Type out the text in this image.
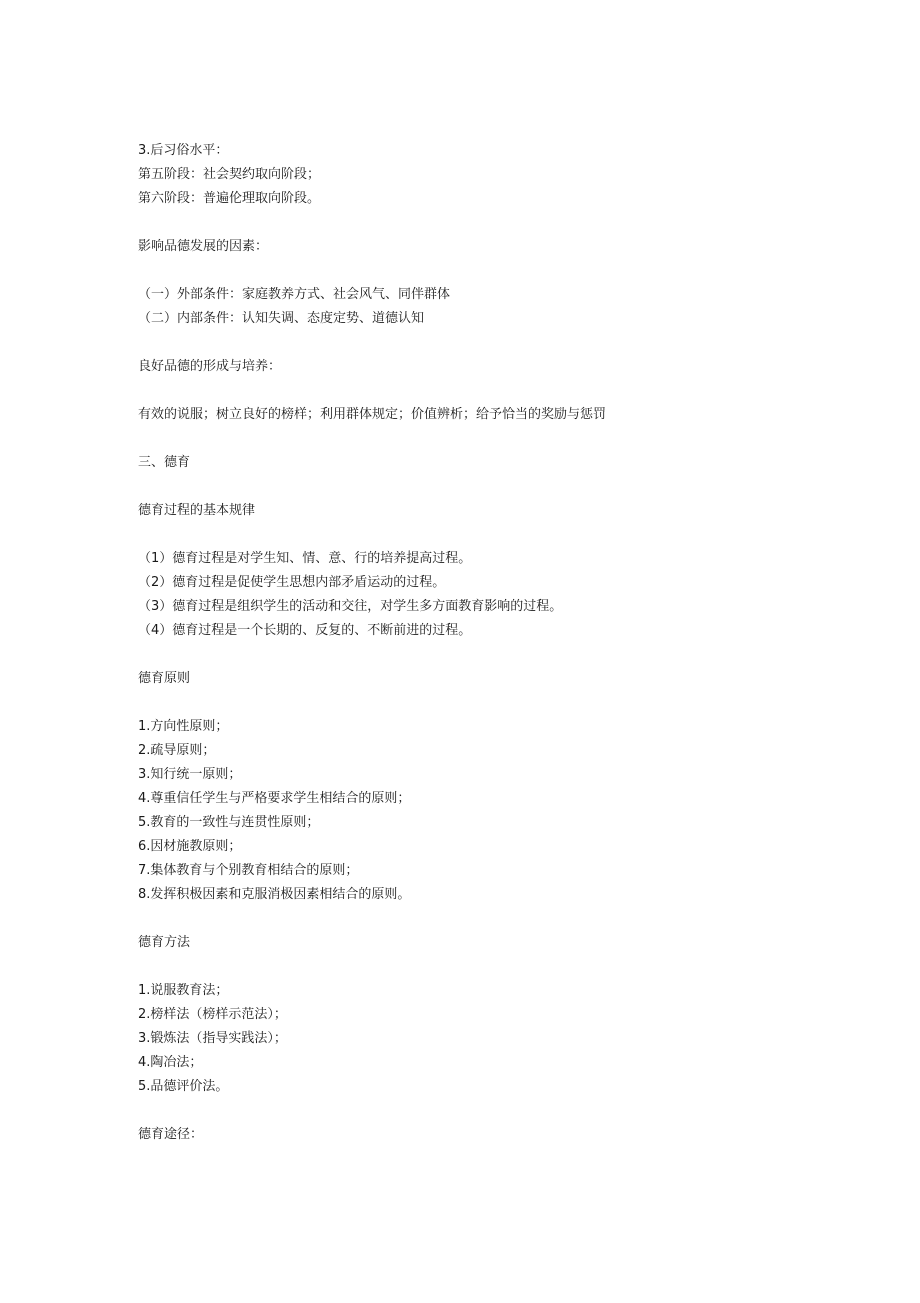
3.后习俗水平：
第五阶段：社会契约取向阶段；
第六阶段：普遍伦理取向阶段。
影响品德发展的因素：
（一）外部条件：家庭教养方式、社会风气、同伴群体
（二）内部条件：认知失调、态度定势、道德认知
良好品德的形成与培养：
有效的说服；树立良好的榜样；利用群体规定；价值辨析；给予恰当的奖励与惩罚
三、德育
德育过程的基本规律
（1）德育过程是对学生知、情、意、行的培养提高过程。
（2）德育过程是促使学生思想内部矛盾运动的过程。
（3）德育过程是组织学生的活动和交往，对学生多方面教育影响的过程。
（4）德育过程是一个长期的、反复的、不断前进的过程。
德育原则
1.方向性原则；
2.疏导原则；
3.知行统一原则；
4.尊重信任学生与严格要求学生相结合的原则；
5.教育的一致性与连贯性原则；
6.因材施教原则；
7.集体教育与个别教育相结合的原则；
8.发挥积极因素和克服消极因素相结合的原则。
德育方法
1.说服教育法；
2.榜样法（榜样示范法）；
3.锻炼法（指导实践法）；
4.陶冶法；
5.品德评价法。
德育途径：
